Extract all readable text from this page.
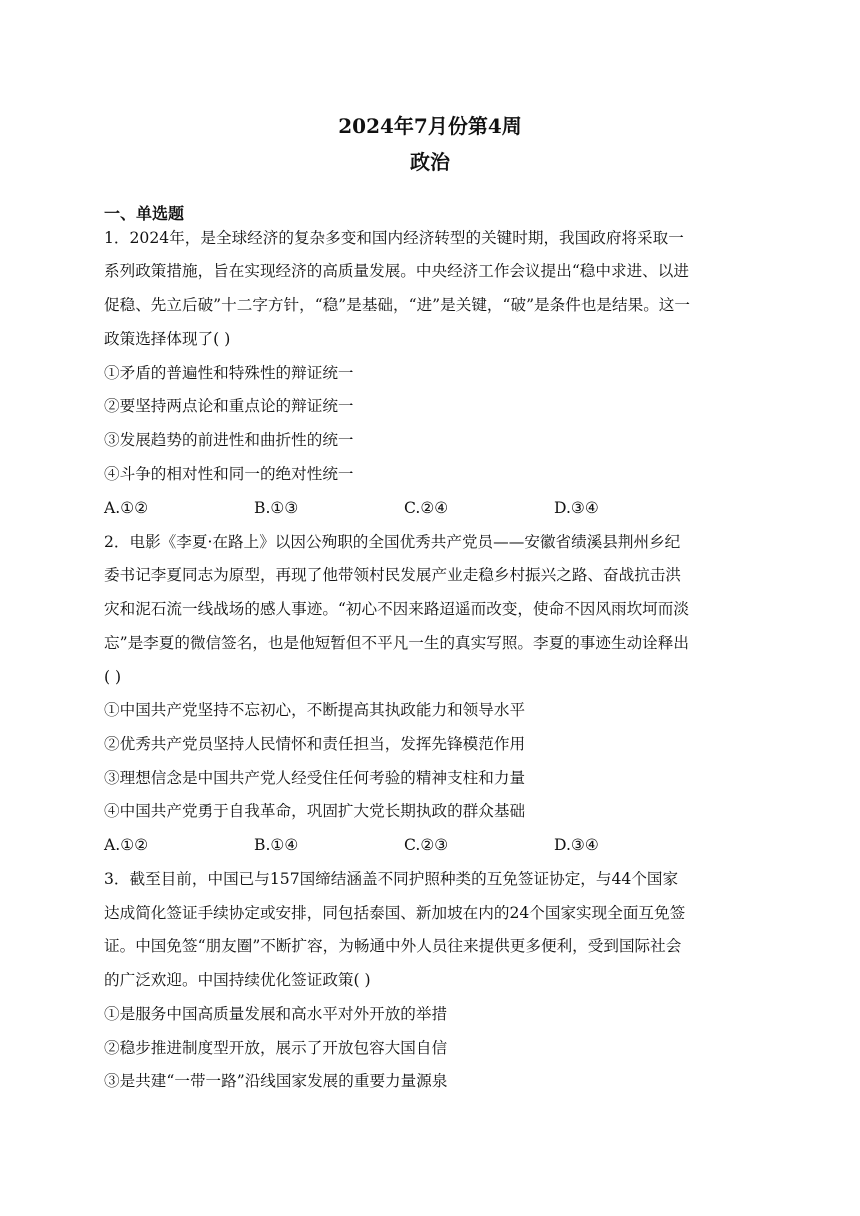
2024年7月份第4周
政治
一、单选题
1．2024年，是全球经济的复杂多变和国内经济转型的关键时期，我国政府将采取一
系列政策措施，旨在实现经济的高质量发展。中央经济工作会议提出“稳中求进、以进
促稳、先立后破”十二字方针，“稳”是基础，“进”是关键，“破”是条件也是结果。这一
政策选择体现了( )
①矛盾的普遍性和特殊性的辩证统一
②要坚持两点论和重点论的辩证统一
③发展趋势的前进性和曲折性的统一
④斗争的相对性和同一的绝对性统一
A.①②	B.①③	C.②④	D.③④
2．电影《李夏·在路上》以因公殉职的全国优秀共产党员——安徽省绩溪县荆州乡纪
委书记李夏同志为原型，再现了他带领村民发展产业走稳乡村振兴之路、奋战抗击洪
灾和泥石流一线战场的感人事迹。“初心不因来路迢遥而改变，使命不因风雨坎坷而淡
忘”是李夏的微信签名，也是他短暂但不平凡一生的真实写照。李夏的事迹生动诠释出
( )
①中国共产党坚持不忘初心，不断提高其执政能力和领导水平
②优秀共产党员坚持人民情怀和责任担当，发挥先锋模范作用
③理想信念是中国共产党人经受住任何考验的精神支柱和力量
④中国共产党勇于自我革命，巩固扩大党长期执政的群众基础
A.①②	B.①④	C.②③	D.③④
3．截至目前，中国已与157国缔结涵盖不同护照种类的互免签证协定，与44个国家
达成简化签证手续协定或安排，同包括泰国、新加坡在内的24个国家实现全面互免签
证。中国免签“朋友圈”不断扩容，为畅通中外人员往来提供更多便利，受到国际社会
的广泛欢迎。中国持续优化签证政策( )
①是服务中国高质量发展和高水平对外开放的举措
②稳步推进制度型开放，展示了开放包容大国自信
③是共建“一带一路”沿线国家发展的重要力量源泉
